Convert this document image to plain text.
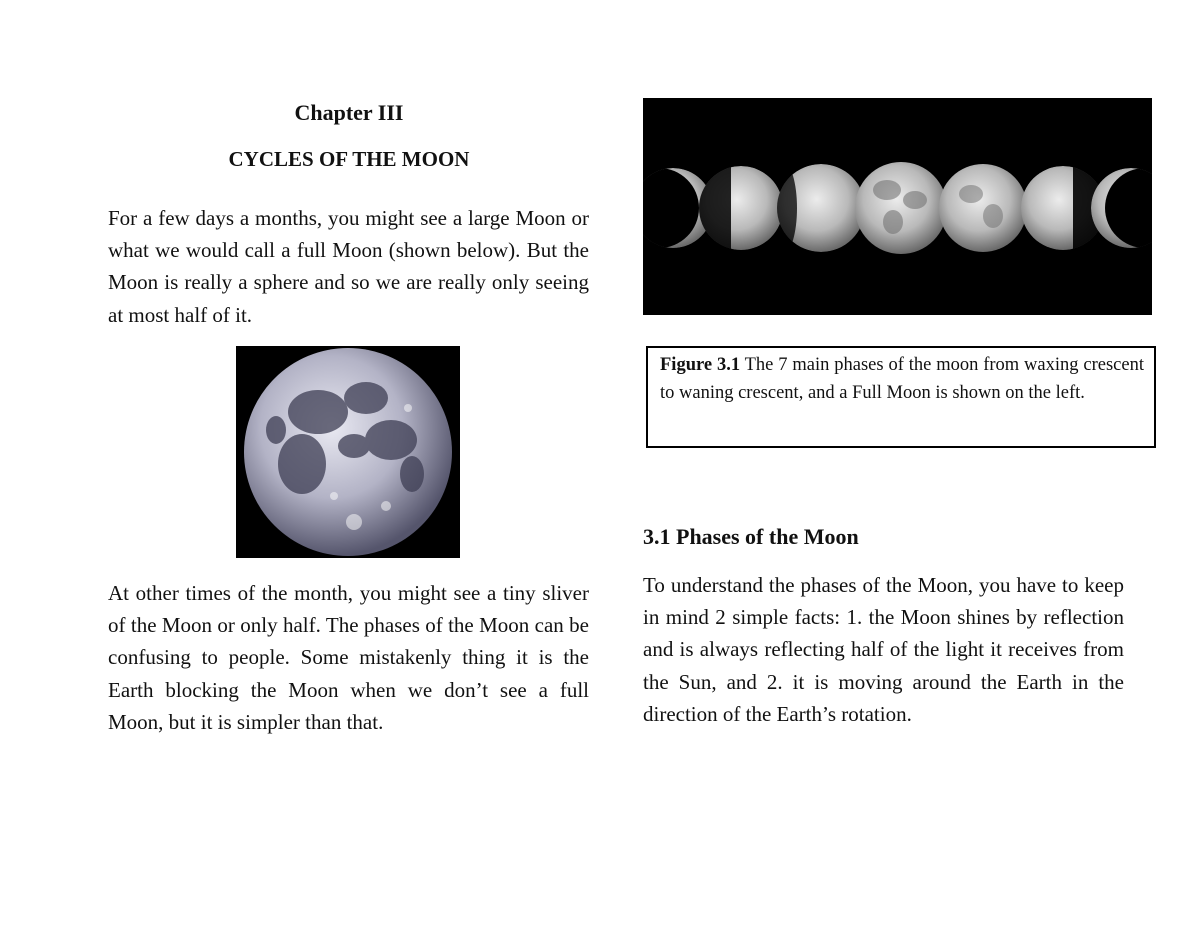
Chapter III
CYCLES OF THE MOON

For a few days a months, you might see a large Moon or what we would call a full Moon (shown below). But the Moon is really a sphere and so we are really only seeing at most half of it.

At other times of the month, you might see a tiny sliver of the Moon or only half. The phases of the Moon can be confusing to people. Some mistakenly thing it is the Earth blocking the Moon when we don’t see a full Moon, but it is simpler than that.

Figure 3.1 The 7 main phases of the moon from waxing crescent to waning crescent, and a Full Moon is shown on the left.

3.1 Phases of the Moon

To understand the phases of the Moon, you have to keep in mind 2 simple facts: 1. the Moon shines by reflection and is always reflecting half of the light it receives from the Sun, and 2. it is moving around the Earth in the direction of the Earth’s rotation.
